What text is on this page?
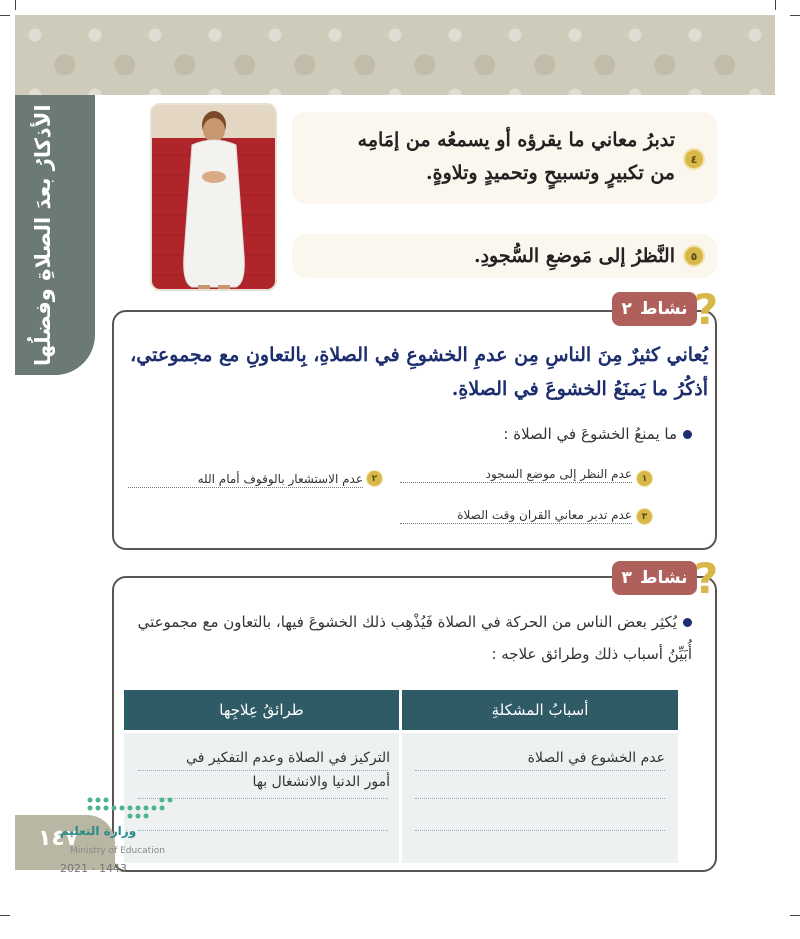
الأذكارُ بعدَ الصلاةِ وفضلُها	٤
تدبرُ معاني ما يقرؤه أو يسمعُه من إمَامِه من تكبيرٍ وتسبيحٍ وتحميدٍ وتلاوةٍ.
٥
النَّظرُ إلى مَوضعِ السُّجودِ.
نشاط
٢ ?
يُعاني كثيرٌ مِنَ الناسِ مِن عدمِ الخشوعِ في الصلاةِ، بِالتعاونِ مع مجموعتي، أذكُرُ ما يَمنَعُ الخشوعَ في الصلاةِ.
ما يمنعُ الخشوعَ في الصلاة :
١
عدم النظر إلى موضع السجود
٢
عدم الاستشعار بالوقوف أمام الله
٣
عدم تدبر معاني القران وقت الصلاة
نشاط
٣ ?
يُكثِر بعض الناس من الحركة في الصلاة فَيُذْهِب ذلك الخشوعَ فيها، بالتعاون مع مجموعتي أُبَيِّنُ أسباب ذلك وطرائق علاجه :
أسبابُ المشكلةِ
طرائقُ عِلاجِها
عدم الخشوع في الصلاة
التركيز في الصلاة وعدم التفكير في أمور الدنيا والانشغال بها
١٤٧
وزارة التعليم
Ministry of Education
2021 - 1443
